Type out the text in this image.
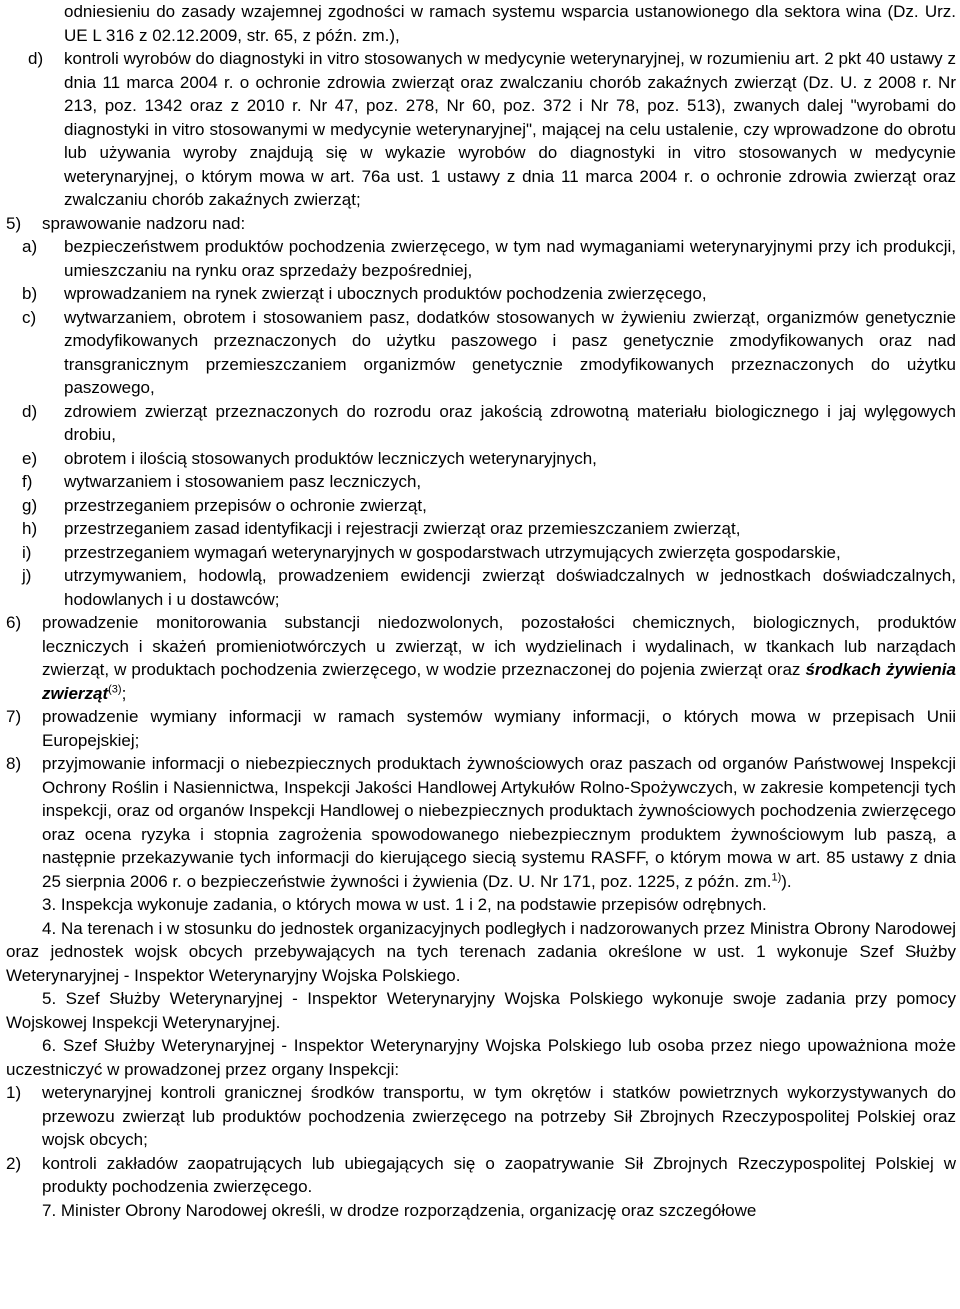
odniesieniu do zasady wzajemnej zgodności w ramach systemu wsparcia ustanowionego dla sektora wina (Dz. Urz. UE L 316 z 02.12.2009, str. 65, z późn. zm.),

d)	kontroli wyrobów do diagnostyki in vitro stosowanych w medycynie weterynaryjnej, w rozumieniu art. 2 pkt 40 ustawy z dnia 11 marca 2004 r. o ochronie zdrowia zwierząt oraz zwalczaniu chorób zakaźnych zwierząt (Dz. U. z 2008 r. Nr 213, poz. 1342 oraz z 2010 r. Nr 47, poz. 278, Nr 60, poz. 372 i Nr 78, poz. 513), zwanych dalej "wyrobami do diagnostyki in vitro stosowanymi w medycynie weterynaryjnej", mającej na celu ustalenie, czy wprowadzone do obrotu lub używania wyroby znajdują się w wykazie wyrobów do diagnostyki in vitro stosowanych w medycynie weterynaryjnej, o którym mowa w art. 76a ust. 1 ustawy z dnia 11 marca 2004 r. o ochronie zdrowia zwierząt oraz zwalczaniu chorób zakaźnych zwierząt;
5)	sprawowanie nadzoru nad:
a)	bezpieczeństwem produktów pochodzenia zwierzęcego, w tym nad wymaganiami weterynaryjnymi przy ich produkcji, umieszczaniu na rynku oraz sprzedaży bezpośredniej,
b)	wprowadzaniem na rynek zwierząt i ubocznych produktów pochodzenia zwierzęcego,
c)	wytwarzaniem, obrotem i stosowaniem pasz, dodatków stosowanych w żywieniu zwierząt, organizmów genetycznie zmodyfikowanych przeznaczonych do użytku paszowego i pasz genetycznie zmodyfikowanych oraz nad transgranicznym przemieszczaniem organizmów genetycznie zmodyfikowanych przeznaczonych do użytku paszowego,
d)	zdrowiem zwierząt przeznaczonych do rozrodu oraz jakością zdrowotną materiału biologicznego i jaj wylęgowych drobiu,
e)	obrotem i ilością stosowanych produktów leczniczych weterynaryjnych,
f)	wytwarzaniem i stosowaniem pasz leczniczych,
g)	przestrzeganiem przepisów o ochronie zwierząt,
h)	przestrzeganiem zasad identyfikacji i rejestracji zwierząt oraz przemieszczaniem zwierząt,
i)	przestrzeganiem wymagań weterynaryjnych w gospodarstwach utrzymujących zwierzęta gospodarskie,
j)	utrzymywaniem, hodowlą, prowadzeniem ewidencji zwierząt doświadczalnych w jednostkach doświadczalnych, hodowlanych i u dostawców;
6)	prowadzenie monitorowania substancji niedozwolonych, pozostałości chemicznych, biologicznych, produktów leczniczych i skażeń promieniotwórczych u zwierząt, w ich wydzielinach i wydalinach, w tkankach lub narządach zwierząt, w produktach pochodzenia zwierzęcego, w wodzie przeznaczonej do pojenia zwierząt oraz środkach żywienia zwierząt$^{(3)}$;
7)	prowadzenie wymiany informacji w ramach systemów wymiany informacji, o których mowa w przepisach Unii Europejskiej;
8)	przyjmowanie informacji o niebezpiecznych produktach żywnościowych oraz paszach od organów Państwowej Inspekcji Ochrony Roślin i Nasiennictwa, Inspekcji Jakości Handlowej Artykułów Rolno-Spożywczych, w zakresie kompetencji tych inspekcji, oraz od organów Inspekcji Handlowej o niebezpiecznych produktach żywnościowych pochodzenia zwierzęcego oraz ocena ryzyka i stopnia zagrożenia spowodowanego niebezpiecznym produktem żywnościowym lub paszą, a następnie przekazywanie tych informacji do kierującego siecią systemu RASFF, o którym mowa w art. 85 ustawy z dnia 25 sierpnia 2006 r. o bezpieczeństwie żywności i żywienia (Dz. U. Nr 171, poz. 1225, z późn. zm.$^{1)}$).

3. Inspekcja wykonuje zadania, o których mowa w ust. 1 i 2, na podstawie przepisów odrębnych.

4. Na terenach i w stosunku do jednostek organizacyjnych podległych i nadzorowanych przez Ministra Obrony Narodowej oraz jednostek wojsk obcych przebywających na tych terenach zadania określone w ust. 1 wykonuje Szef Służby Weterynaryjnej - Inspektor Weterynaryjny Wojska Polskiego.

5. Szef Służby Weterynaryjnej - Inspektor Weterynaryjny Wojska Polskiego wykonuje swoje zadania przy pomocy Wojskowej Inspekcji Weterynaryjnej.

6. Szef Służby Weterynaryjnej - Inspektor Weterynaryjny Wojska Polskiego lub osoba przez niego upoważniona może uczestniczyć w prowadzonej przez organy Inspekcji:

1)	weterynaryjnej kontroli granicznej środków transportu, w tym okrętów i statków powietrznych wykorzystywanych do przewozu zwierząt lub produktów pochodzenia zwierzęcego na potrzeby Sił Zbrojnych Rzeczypospolitej Polskiej oraz wojsk obcych;
2)	kontroli zakładów zaopatrujących lub ubiegających się o zaopatrywanie Sił Zbrojnych Rzeczypospolitej Polskiej w produkty pochodzenia zwierzęcego.

7. Minister Obrony Narodowej określi, w drodze rozporządzenia, organizację oraz szczegółowe
